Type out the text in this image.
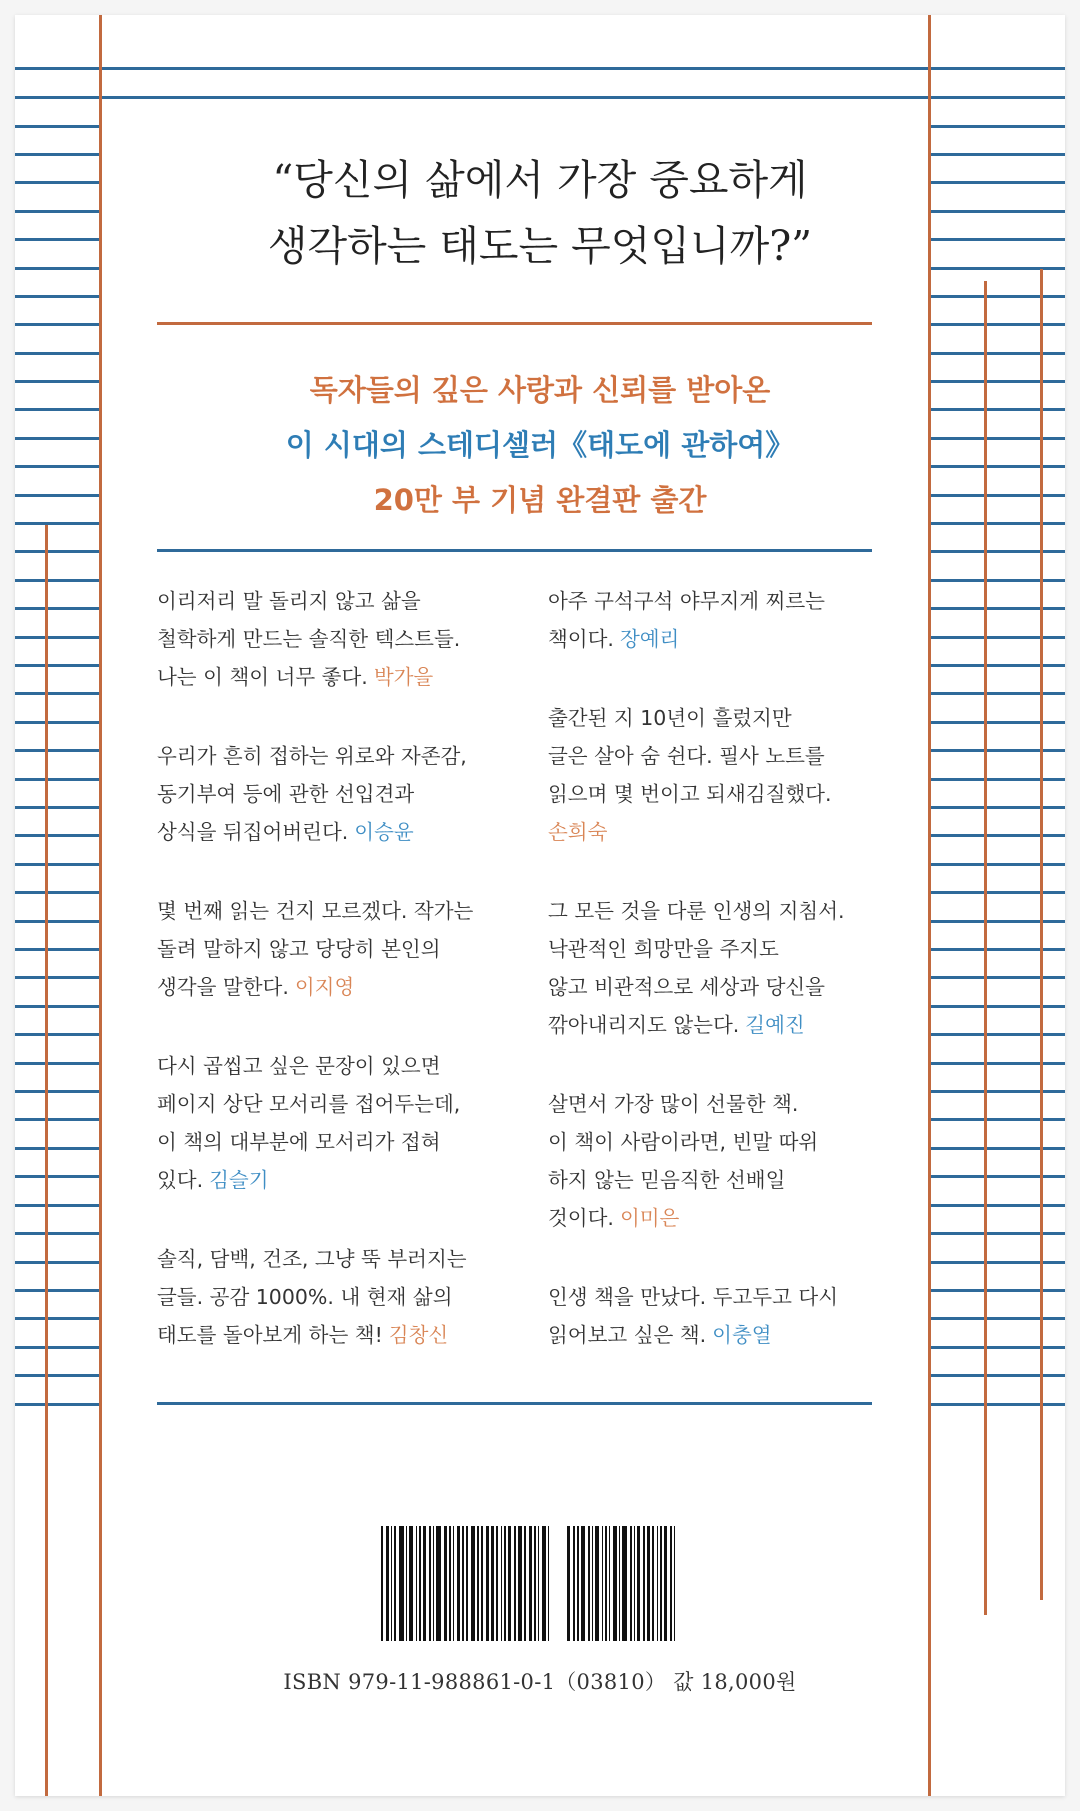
“당신의 삶에서 가장 중요하게
생각하는 태도는 무엇입니까?”
독자들의 깊은 사랑과 신뢰를 받아온
이 시대의 스테디셀러《태도에 관하여》
20만 부 기념 완결판 출간
이리저리 말 돌리지 않고 삶을
철학하게 만드는 솔직한 텍스트들.
나는 이 책이 너무 좋다. 박가을
우리가 흔히 접하는 위로와 자존감,
동기부여 등에 관한 선입견과
상식을 뒤집어버린다. 이승윤
몇 번째 읽는 건지 모르겠다. 작가는
돌려 말하지 않고 당당히 본인의
생각을 말한다. 이지영
다시 곱씹고 싶은 문장이 있으면
페이지 상단 모서리를 접어두는데,
이 책의 대부분에 모서리가 접혀
있다. 김슬기
솔직, 담백, 건조, 그냥 뚝 부러지는
글들. 공감 1000%. 내 현재 삶의
태도를 돌아보게 하는 책! 김창신
아주 구석구석 야무지게 찌르는
책이다. 장예리
출간된 지 10년이 흘렀지만
글은 살아 숨 쉰다. 필사 노트를
읽으며 몇 번이고 되새김질했다.
손희숙
그 모든 것을 다룬 인생의 지침서.
낙관적인 희망만을 주지도
않고 비관적으로 세상과 당신을
깎아내리지도 않는다. 길예진
살면서 가장 많이 선물한 책.
이 책이 사람이라면, 빈말 따위
하지 않는 믿음직한 선배일
것이다. 이미은
인생 책을 만났다. 두고두고 다시
읽어보고 싶은 책. 이충열
ISBN 979-11-988861-0-1（03810） 값 18,000원
